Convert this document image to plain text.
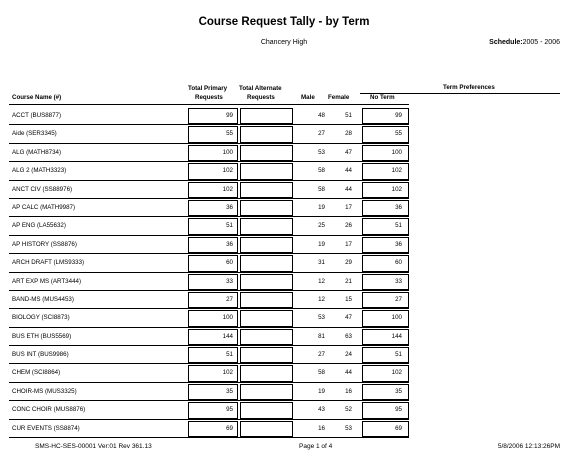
Course Request Tally - by Term
Chancery High	Schedule:2005 - 2006
Total Primary
Requests
Total Alternate
Requests
Course Name (#)	Male Female
Term Preferences
No Term
ACCT (BUS8877)	99	48	51	99
Aide (SER3345)	55	27	28	55
ALG (MATH8734)	100	53	47	100
ALG 2 (MATH3323)	102	58	44	102
ANCT CIV (SS88976)	102	58	44	102
AP CALC (MATH9987)	36	19	17	36
AP ENG (LA55632)	51	25	26	51
AP HISTORY (SS8876)	36	19	17	36
ARCH DRAFT (LMS9333)	60	31	29	60
ART EXP MS (ART3444)	33	12	21	33
BAND-MS (MUS4453)	27	12	15	27
BIOLOGY (SCI8873)	100	53	47	100
BUS ETH (BUS5569)	144	81	63	144
BUS INT (BUS9986)	51	27	24	51
CHEM (SCI8864)	102	58	44	102
CHOIR-MS (MUS3325)	35	19	16	35
CONC CHOIR (MUS8876)	95	43	52	95
CUR EVENTS (SS8874)	69	16	53	69
SMS-HC-SES-00001 Ver:01 Rev 361.13	Page 1 of 4	5/8/2006 12:13:26PM
